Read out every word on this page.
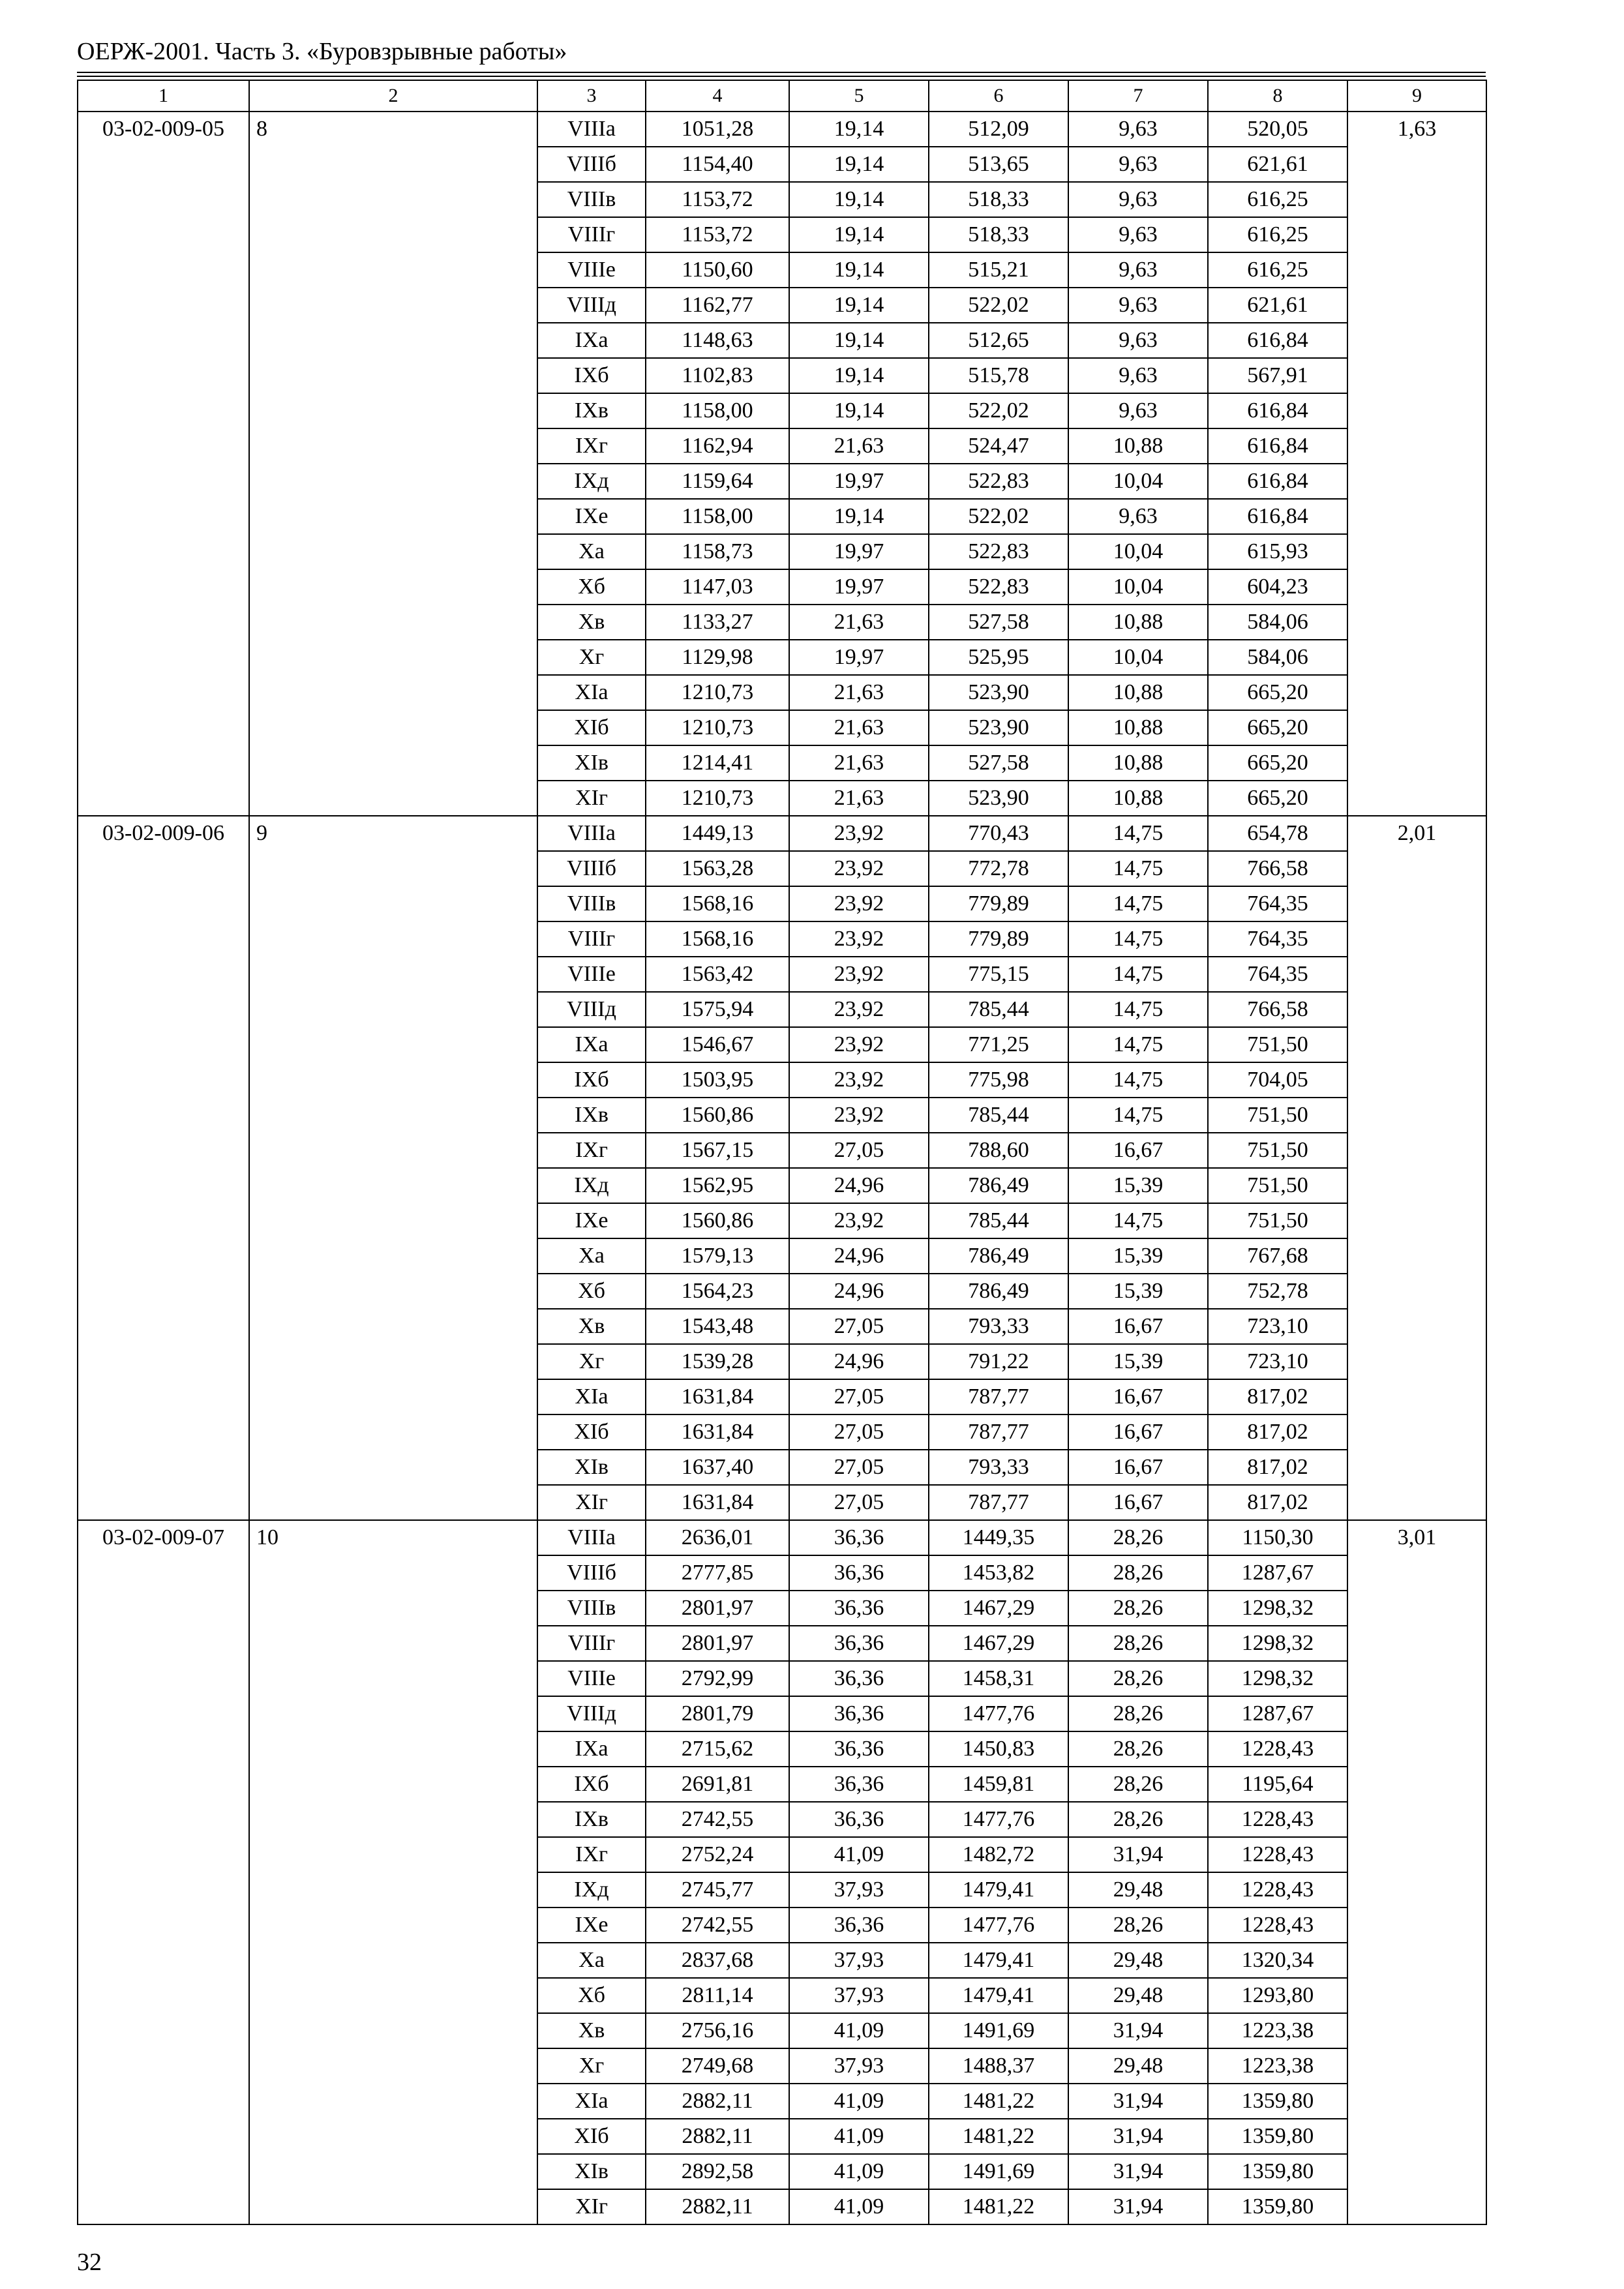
ОЕРЖ-2001. Часть 3. «Буровзрывные работы»
1	2	3	4	5	6	7	8	9
03-02-009-05	8	VIIIа	1051,28	19,14	512,09	9,63	520,05	1,63
		VIIIб	1154,40	19,14	513,65	9,63	621,61	
		VIIIв	1153,72	19,14	518,33	9,63	616,25	
		VIIIг	1153,72	19,14	518,33	9,63	616,25	
		VIIIе	1150,60	19,14	515,21	9,63	616,25	
		VIIIд	1162,77	19,14	522,02	9,63	621,61	
		IXа	1148,63	19,14	512,65	9,63	616,84	
		IXб	1102,83	19,14	515,78	9,63	567,91	
		IXв	1158,00	19,14	522,02	9,63	616,84	
		IXг	1162,94	21,63	524,47	10,88	616,84	
		IXд	1159,64	19,97	522,83	10,04	616,84	
		IXе	1158,00	19,14	522,02	9,63	616,84	
		Xа	1158,73	19,97	522,83	10,04	615,93	
		Xб	1147,03	19,97	522,83	10,04	604,23	
		Xв	1133,27	21,63	527,58	10,88	584,06	
		Xг	1129,98	19,97	525,95	10,04	584,06	
		XIа	1210,73	21,63	523,90	10,88	665,20	
		XIб	1210,73	21,63	523,90	10,88	665,20	
		XIв	1214,41	21,63	527,58	10,88	665,20	
		XIг	1210,73	21,63	523,90	10,88	665,20	
03-02-009-06	9	VIIIа	1449,13	23,92	770,43	14,75	654,78	2,01
		VIIIб	1563,28	23,92	772,78	14,75	766,58	
		VIIIв	1568,16	23,92	779,89	14,75	764,35	
		VIIIг	1568,16	23,92	779,89	14,75	764,35	
		VIIIе	1563,42	23,92	775,15	14,75	764,35	
		VIIIд	1575,94	23,92	785,44	14,75	766,58	
		IXа	1546,67	23,92	771,25	14,75	751,50	
		IXб	1503,95	23,92	775,98	14,75	704,05	
		IXв	1560,86	23,92	785,44	14,75	751,50	
		IXг	1567,15	27,05	788,60	16,67	751,50	
		IXд	1562,95	24,96	786,49	15,39	751,50	
		IXе	1560,86	23,92	785,44	14,75	751,50	
		Xа	1579,13	24,96	786,49	15,39	767,68	
		Xб	1564,23	24,96	786,49	15,39	752,78	
		Xв	1543,48	27,05	793,33	16,67	723,10	
		Xг	1539,28	24,96	791,22	15,39	723,10	
		XIа	1631,84	27,05	787,77	16,67	817,02	
		XIб	1631,84	27,05	787,77	16,67	817,02	
		XIв	1637,40	27,05	793,33	16,67	817,02	
		XIг	1631,84	27,05	787,77	16,67	817,02	
03-02-009-07	10	VIIIа	2636,01	36,36	1449,35	28,26	1150,30	3,01
		VIIIб	2777,85	36,36	1453,82	28,26	1287,67	
		VIIIв	2801,97	36,36	1467,29	28,26	1298,32	
		VIIIг	2801,97	36,36	1467,29	28,26	1298,32	
		VIIIе	2792,99	36,36	1458,31	28,26	1298,32	
		VIIIд	2801,79	36,36	1477,76	28,26	1287,67	
		IXа	2715,62	36,36	1450,83	28,26	1228,43	
		IXб	2691,81	36,36	1459,81	28,26	1195,64	
		IXв	2742,55	36,36	1477,76	28,26	1228,43	
		IXг	2752,24	41,09	1482,72	31,94	1228,43	
		IXд	2745,77	37,93	1479,41	29,48	1228,43	
		IXе	2742,55	36,36	1477,76	28,26	1228,43	
		Xа	2837,68	37,93	1479,41	29,48	1320,34	
		Xб	2811,14	37,93	1479,41	29,48	1293,80	
		Xв	2756,16	41,09	1491,69	31,94	1223,38	
		Xг	2749,68	37,93	1488,37	29,48	1223,38	
		XIа	2882,11	41,09	1481,22	31,94	1359,80	
		XIб	2882,11	41,09	1481,22	31,94	1359,80	
		XIв	2892,58	41,09	1491,69	31,94	1359,80	
		XIг	2882,11	41,09	1481,22	31,94	1359,80	
32
